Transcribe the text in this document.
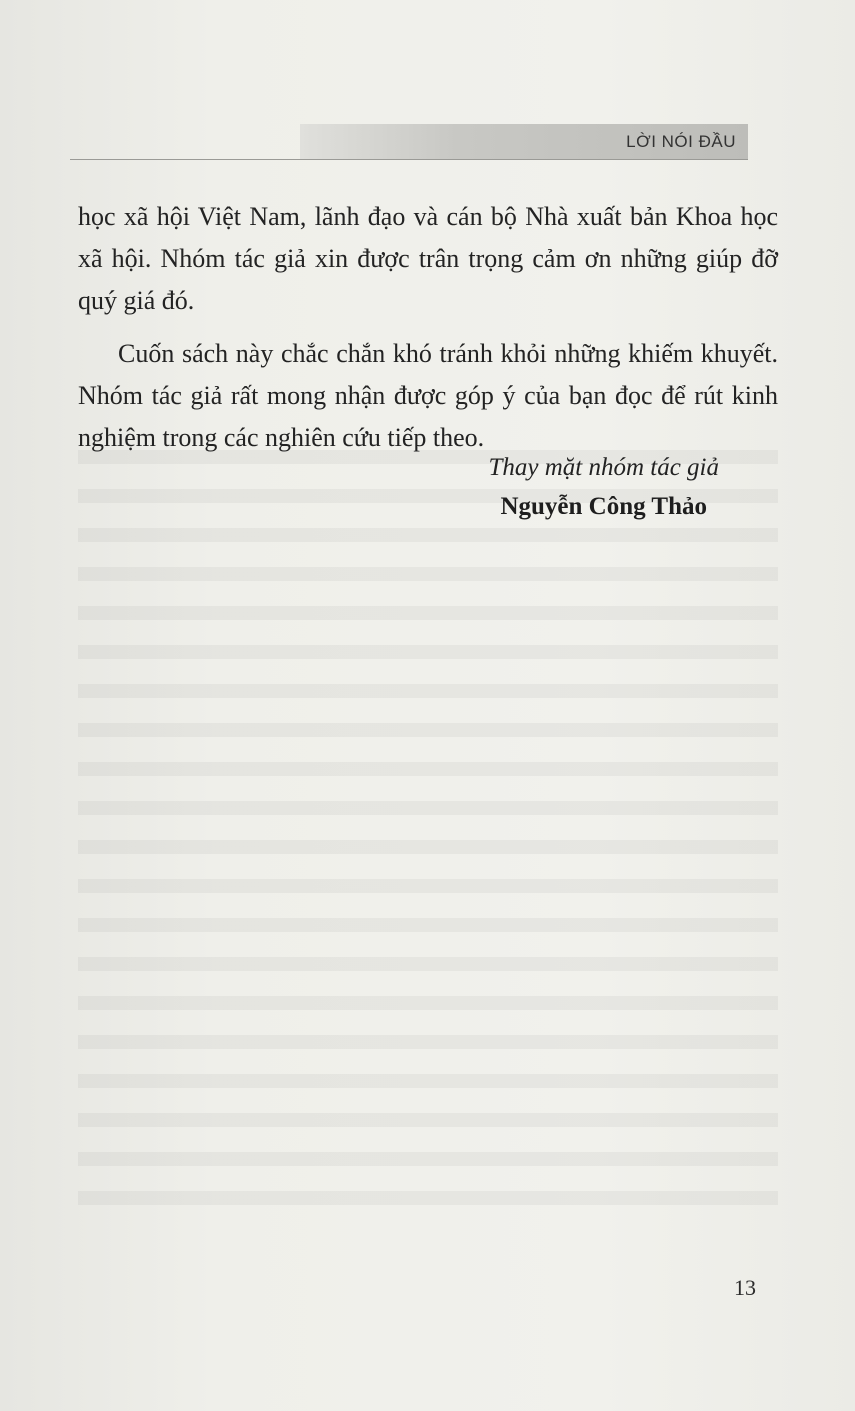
LỜI NÓI ĐẦU

học xã hội Việt Nam, lãnh đạo và cán bộ Nhà xuất bản Khoa học xã hội. Nhóm tác giả xin được trân trọng cảm ơn những giúp đỡ quý giá đó.

Cuốn sách này chắc chắn khó tránh khỏi những khiếm khuyết. Nhóm tác giả rất mong nhận được góp ý của bạn đọc để rút kinh nghiệm trong các nghiên cứu tiếp theo.

Thay mặt nhóm tác giả
Nguyễn Công Thảo
13
